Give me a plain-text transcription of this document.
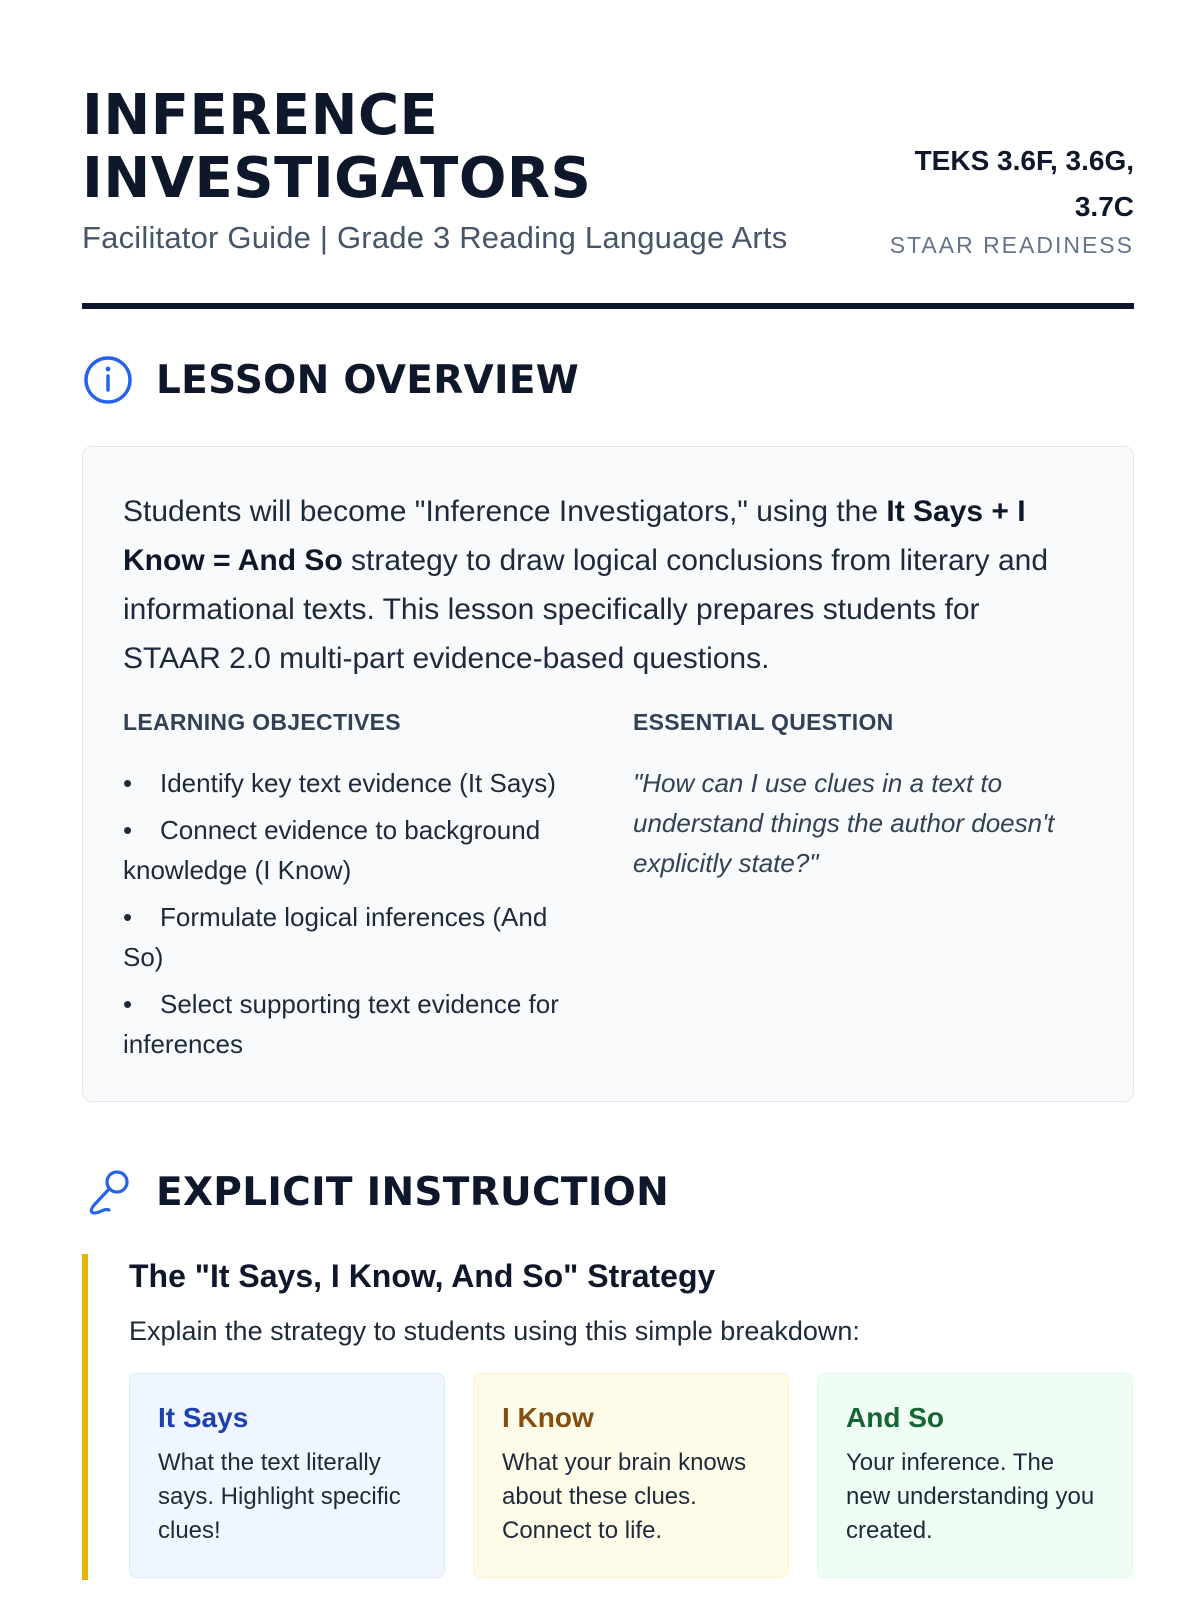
INFERENCE
INVESTIGATORS
Facilitator Guide | Grade 3 Reading Language Arts
TEKS 3.6F, 3.6G,
3.7C
STAAR READINESS
LESSON OVERVIEW

Students will become "Inference Investigators," using the It Says + I Know = And So strategy to draw logical conclusions from literary and informational texts. This lesson specifically prepares students for STAAR 2.0 multi-part evidence-based questions.

LEARNING OBJECTIVES
• Identify key text evidence (It Says)
• Connect evidence to background knowledge (I Know)
• Formulate logical inferences (And So)
• Select supporting text evidence for inferences
ESSENTIAL QUESTION

"How can I use clues in a text to understand things the author doesn't explicitly state?"

EXPLICIT INSTRUCTION
The "It Says, I Know, And So" Strategy
Explain the strategy to students using this simple breakdown:
It Says
What the text literally says. Highlight specific clues!
I Know
What your brain knows about these clues. Connect to life.
And So
Your inference. The new understanding you created.
